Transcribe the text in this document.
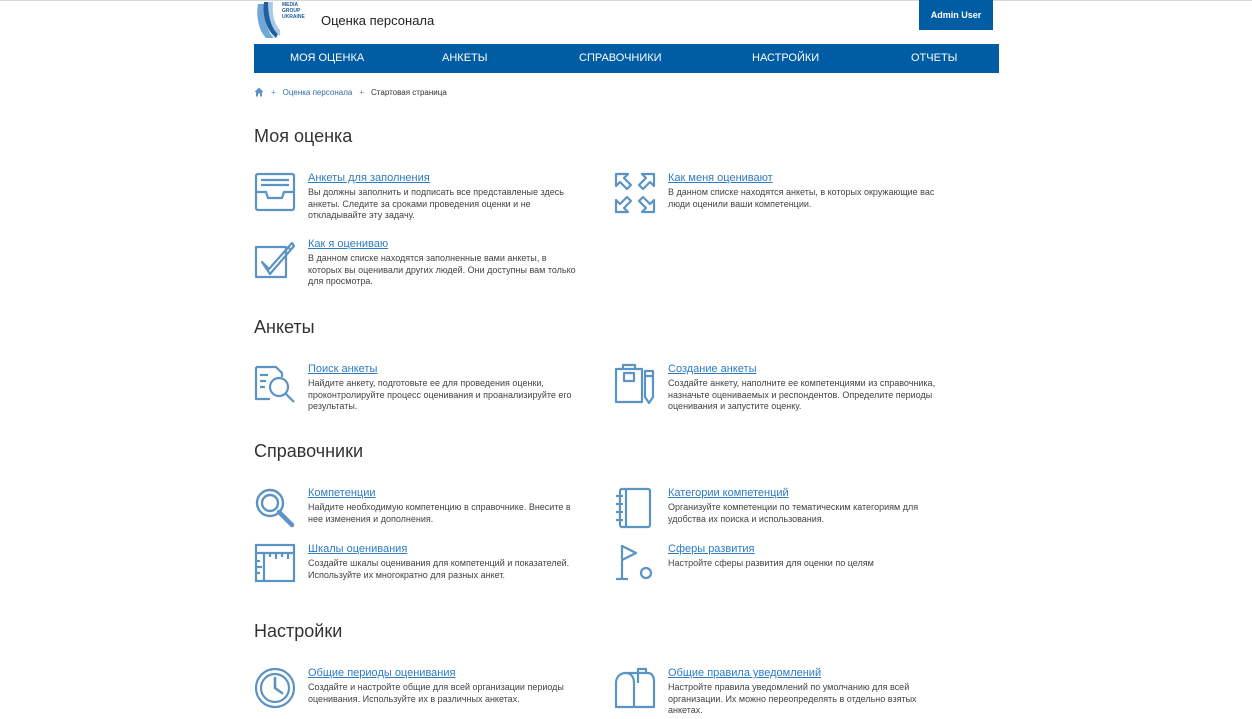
MEDIA
GROUP
UKRAINE Оценка персонала	Admin User
МОЯ ОЦЕНКА	АНКЕТЫ	СПРАВОЧНИКИ	НАСТРОЙКИ	ОТЧЕТЫ
+ Оценка персонала + Стартовая страница
Моя оценка
Анкеты для заполнения
Вы должны заполнить и подписать все представленые здесь анкеты. Следите за сроками проведения оценки и не откладывайте эту задачу.
Как меня оценивают
В данном списке находятся анкеты, в которых окружающие вас люди оценили ваши компетенции.
Как я оцениваю
В данном списке находятся заполненные вами анкеты, в которых вы оценивали других людей. Они доступны вам только для просмотра.
Анкеты
Поиск анкеты
Найдите анкету, подготовьте ее для проведения оценки, проконтролируйте процесс оценивания и проанализируйте его результаты.
Создание анкеты
Создайте анкету, наполните ее компетенциями из справочника, назначьте оцениваемых и респондентов. Определите периоды оценивания и запустите оценку.
Справочники
Компетенции
Найдите необходимую компетенцию в справочнике. Внесите в нее изменения и дополнения.
Категории компетенций
Организуйте компетенции по тематическим категориям для удобства их поиска и использования.
Шкалы оценивания
Создайте шкалы оценивания для компетенций и показателей. Используйте их многократно для разных анкет.
Сферы развития
Настройте сферы развития для оценки по целям
Настройки
Общие периоды оценивания
Создайте и настройте общие для всей организации периоды оценивания. Используйте их в различных анкетах.
Общие правила уведомлений
Настройте правила уведомлений по умолчанию для всей организации. Их можно переопределять в отдельно взятых анкетах.
